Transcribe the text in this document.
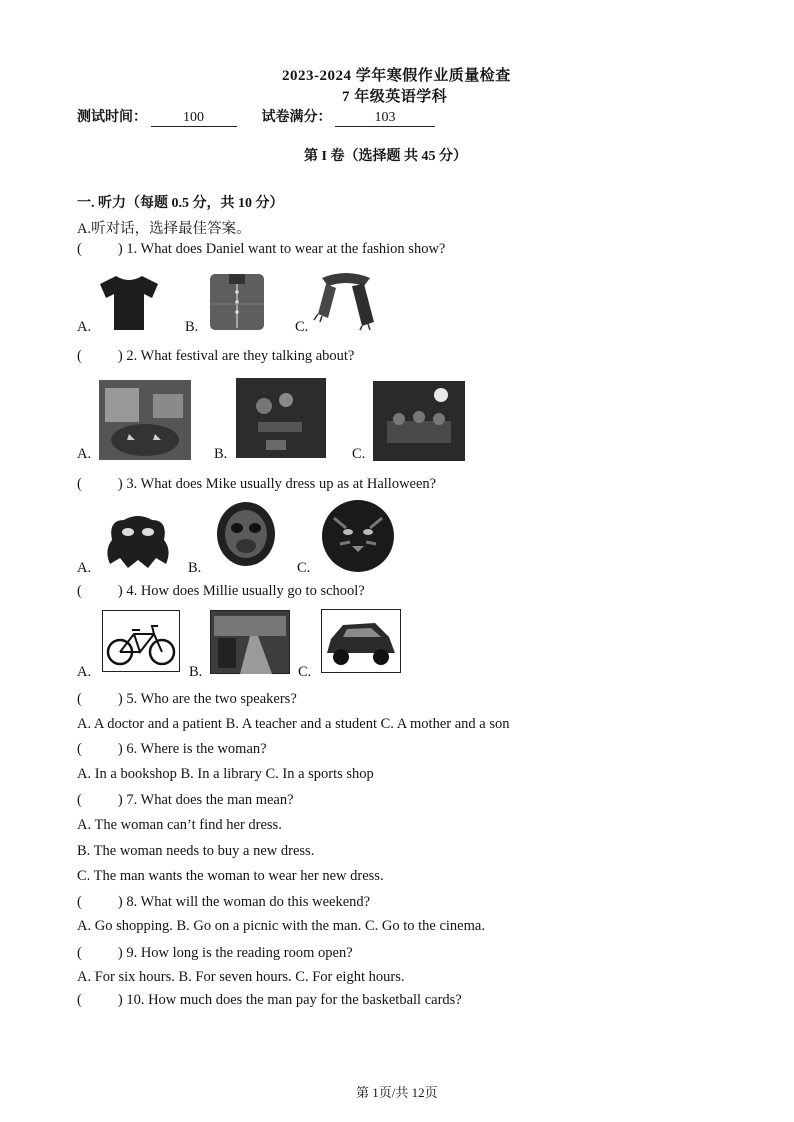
2023-2024 学年寒假作业质量检查
7 年级英语学科
测试时间：	100	试卷满分：	103
第 I 卷（选择题 共 45 分）
一. 听力（每题 0.5 分，共 10 分）
A.听对话，选择最佳答案。
( ) 1. What does Daniel want to wear at the fashion show?
A.	B.	C.
( ) 2. What festival are they talking about?
A.	B.	C.
( ) 3. What does Mike usually dress up as at Halloween?
A.	B.	C.
( ) 4. How does Millie usually go to school?
A.	B.	C.
( ) 5. Who are the two speakers?
A. A doctor and a patient B. A teacher and a student C. A mother and a son
( ) 6. Where is the woman?
A. In a bookshop B. In a library C. In a sports shop
( ) 7. What does the man mean?
A. The woman can’t find her dress.
B. The woman needs to buy a new dress.
C. The man wants the woman to wear her new dress.
( ) 8. What will the woman do this weekend?
A. Go shopping. B. Go on a picnic with the man. C. Go to the cinema.
( ) 9. How long is the reading room open?
A. For six hours. B. For seven hours. C. For eight hours.
( ) 10. How much does the man pay for the basketball cards?
第 1页/共 12页
